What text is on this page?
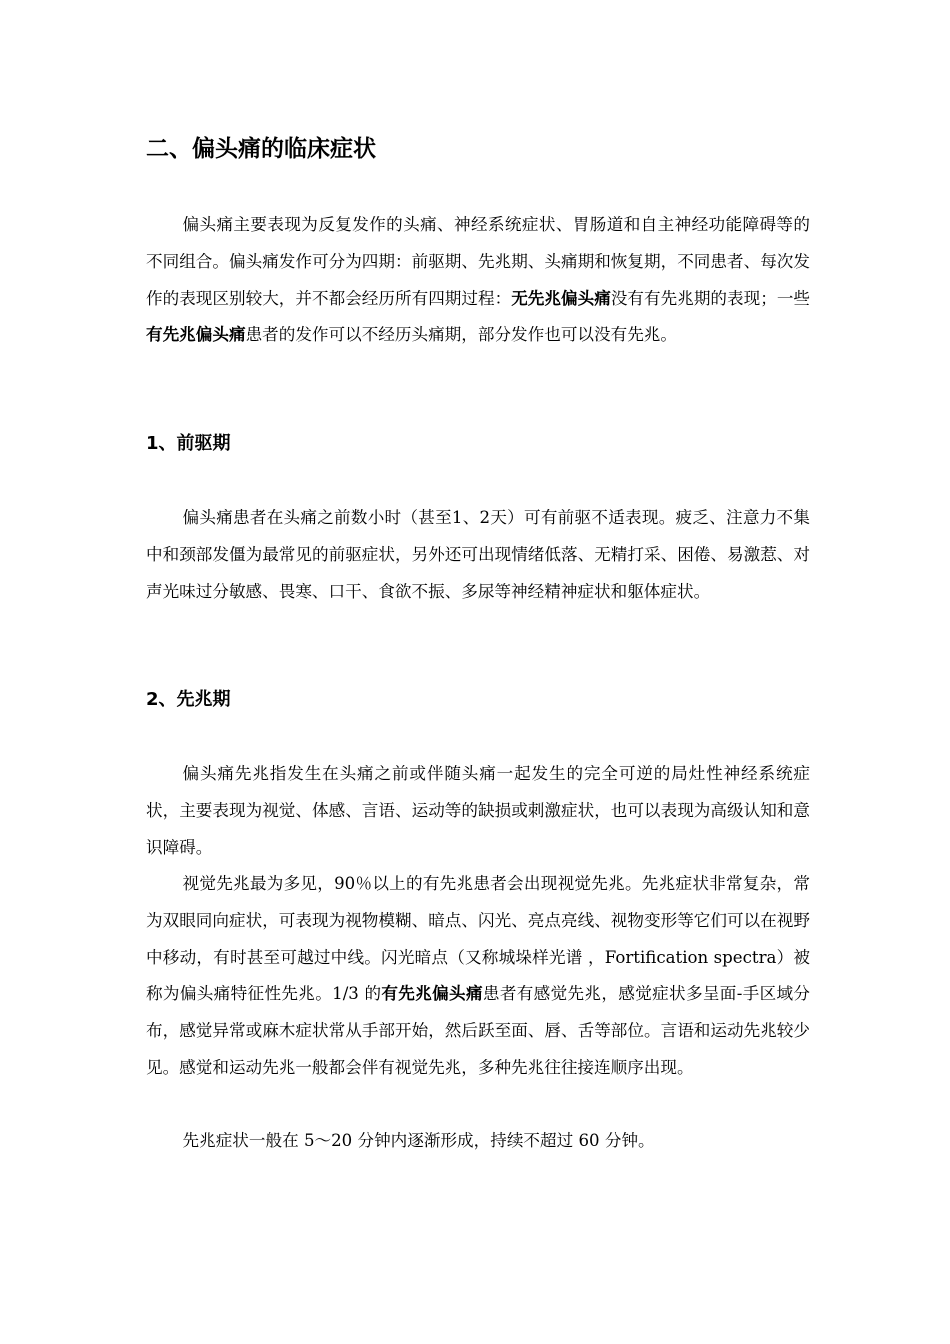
二、偏头痛的临床症状

偏头痛主要表现为反复发作的头痛、神经系统症状、胃肠道和自主神经功能障碍等的不同组合。偏头痛发作可分为四期：前驱期、先兆期、头痛期和恢复期，不同患者、每次发作的表现区别较大，并不都会经历所有四期过程：无先兆偏头痛没有有先兆期的表现；一些有先兆偏头痛患者的发作可以不经历头痛期，部分发作也可以没有先兆。

1、前驱期

偏头痛患者在头痛之前数小时（甚至1、2天）可有前驱不适表现。疲乏、注意力不集中和颈部发僵为最常见的前驱症状，另外还可出现情绪低落、无精打采、困倦、易激惹、对声光味过分敏感、畏寒、口干、食欲不振、多尿等神经精神症状和躯体症状。

2、先兆期

偏头痛先兆指发生在头痛之前或伴随头痛一起发生的完全可逆的局灶性神经系统症状，主要表现为视觉、体感、言语、运动等的缺损或刺激症状，也可以表现为高级认知和意识障碍。

视觉先兆最为多见，90％以上的有先兆患者会出现视觉先兆。先兆症状非常复杂，常为双眼同向症状，可表现为视物模糊、暗点、闪光、亮点亮线、视物变形等它们可以在视野中移动，有时甚至可越过中线。闪光暗点（又称城垛样光谱 ，Fortification spectra）被称为偏头痛特征性先兆。1/3 的有先兆偏头痛患者有感觉先兆，感觉症状多呈面-手区域分布，感觉异常或麻木症状常从手部开始，然后跃至面、唇、舌等部位。言语和运动先兆较少见。感觉和运动先兆一般都会伴有视觉先兆，多种先兆往往接连顺序出现。

先兆症状一般在 5～20 分钟内逐渐形成，持续不超过 60 分钟。
